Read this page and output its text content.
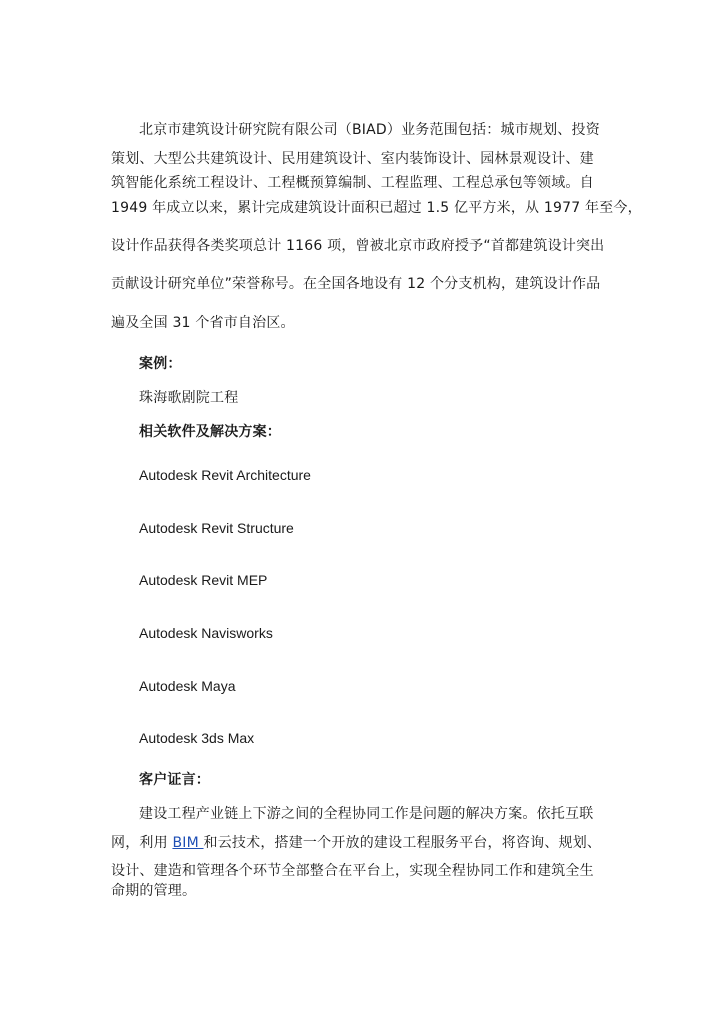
北京市建筑设计研究院有限公司（BIAD）业务范围包括：城市规划、投资
策划、大型公共建筑设计、民用建筑设计、室内装饰设计、园林景观设计、建
筑智能化系统工程设计、工程概预算编制、工程监理、工程总承包等领域。自
1949 年成立以来，累计完成建筑设计面积已超过 1.5 亿平方米，从 1977 年至今，
设计作品获得各类奖项总计 1166 项，曾被北京市政府授予“首都建筑设计突出
贡献设计研究单位”荣誉称号。在全国各地设有 12 个分支机构，建筑设计作品
遍及全国 31 个省市自治区。
案例：
珠海歌剧院工程
相关软件及解决方案：
Autodesk Revit Architecture
Autodesk Revit Structure
Autodesk Revit MEP
Autodesk Navisworks
Autodesk Maya
Autodesk 3ds Max
客户证言：
建设工程产业链上下游之间的全程协同工作是问题的解决方案。依托互联
网，利用 BIM 和云技术，搭建一个开放的建设工程服务平台，将咨询、规划、
设计、建造和管理各个环节全部整合在平台上，实现全程协同工作和建筑全生
命期的管理。
